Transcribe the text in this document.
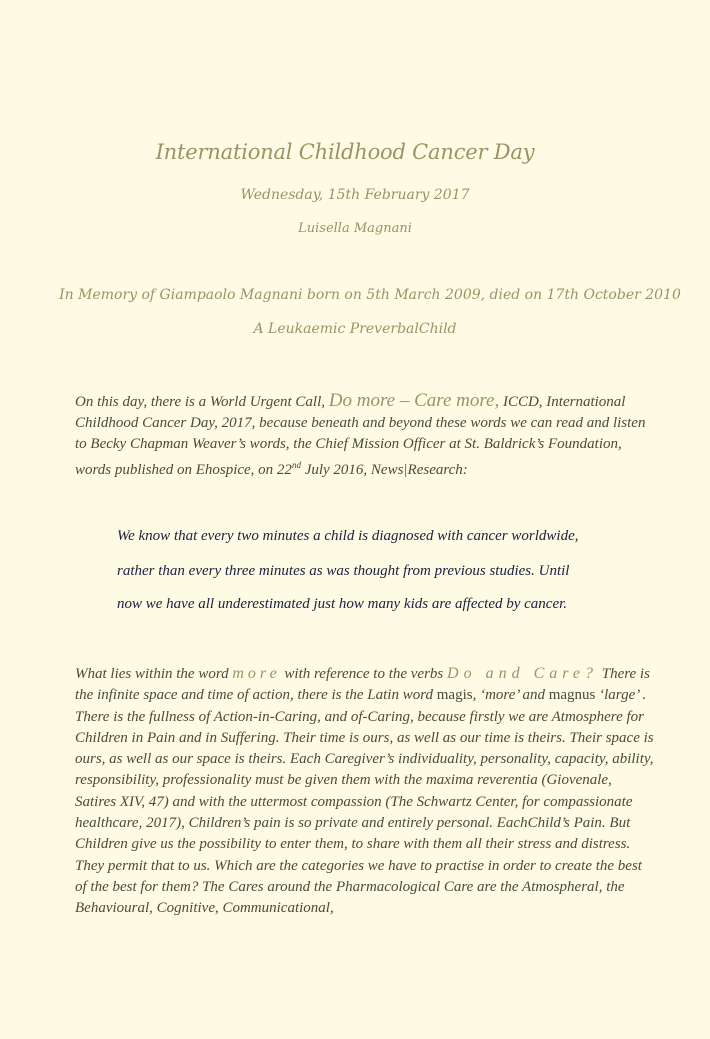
International Childhood Cancer Day
Wednesday, 15th February 2017
Luisella Magnani
In Memory of Giampaolo Magnani born on 5th March 2009, died on 17th October 2010
A Leukaemic PreverbalChild
On this day, there is a World Urgent Call, Do more – Care more, ICCD, International Childhood Cancer Day, 2017, because beneath and beyond these words we can read and listen to Becky Chapman Weaver’s words, the Chief Mission Officer at St. Baldrick’s Foundation, words published on Ehospice, on 22nd July 2016, News|Research:
We know that every two minutes a child is diagnosed with cancer worldwide,
rather than every three minutes as was thought from previous studies. Until
now we have all underestimated just how many kids are affected by cancer.
What lies within the word more with reference to the verbs Do and Care? There is the infinite space and time of action, there is the Latin word magis, ‘more’ and magnus ‘large’ . There is the fullness of Action-in-Caring, and of-Caring, because firstly we are Atmosphere for Children in Pain and in Suffering. Their time is ours, as well as our time is theirs. Their space is ours, as well as our space is theirs. Each Caregiver’s individuality, personality, capacity, ability, responsibility, professionality must be given them with the maxima reverentia (Giovenale, Satires XIV, 47) and with the uttermost compassion (The Schwartz Center, for compassionate healthcare, 2017), Children’s pain is so private and entirely personal. EachChild’s Pain. But Children give us the possibility to enter them, to share with them all their stress and distress. They permit that to us. Which are the categories we have to practise in order to create the best of the best for them? The Cares around the Pharmacological Care are the Atmospheral, the Behavioural, Cognitive, Communicational,
